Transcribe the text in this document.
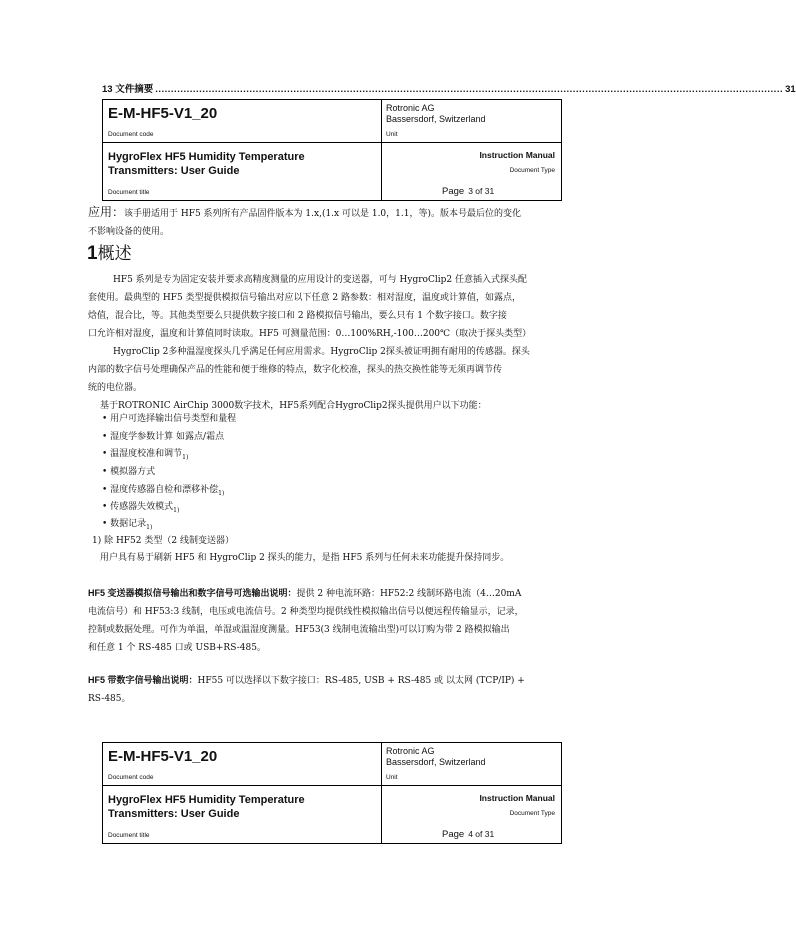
13 文件摘要 ........................................................................................................................................................................................................ 31
E-M-HF5-V1_20
Document code
Rotronic AG
Bassersdorf, Switzerland
Unit
HygroFlex HF5 Humidity Temperature
Transmitters: User Guide
Document title
Instruction Manual
Document Type
Page 3 of 31
应用：该手册适用于 HF5 系列所有产品固件版本为 1.x,(1.x 可以是 1.0，1.1，等)。版本号最后位的变化
不影响设备的使用。
1概述
HF5 系列是专为固定安装并要求高精度测量的应用设计的变送器，可与 HygroClip2 任意插入式探头配
套使用。最典型的 HF5 类型提供模拟信号输出对应以下任意 2 路参数：相对湿度，温度或计算值，如露点，
焓值，混合比，等。其他类型要么只提供数字接口和 2 路模拟信号输出，要么只有 1 个数字接口。数字接
口允许相对湿度，温度和计算值同时读取。HF5 可测量范围：0…100%RH,-100…200℃（取决于探头类型）
HygroClip 2多种温湿度探头几乎满足任何应用需求。HygroClip 2探头被证明拥有耐用的传感器。探头
内部的数字信号处理确保产品的性能和便于维修的特点，数字化校准，探头的热交换性能等无须再调节传
统的电位器。
基于ROTRONIC AirChip 3000数字技术，HF5系列配合HygroClip2探头提供用户以下功能：
• 用户可选择输出信号类型和量程
• 湿度学参数计算 如露点/霜点
• 温湿度校准和调节$_{1)}$
• 模拟器方式
• 湿度传感器自检和漂移补偿$_{1)}$
• 传感器失效模式$_{1)}$
• 数据记录$_{1)}$
1) 除 HF52 类型（2 线制变送器）
用户具有易于刷新 HF5 和 HygroClip 2 探头的能力，是指 HF5 系列与任何未来功能提升保持同步。
HF5 变送器模拟信号输出和数字信号可选输出说明：提供 2 种电流环路：HF52:2 线制环路电流（4…20mA
电流信号）和 HF53:3 线制，电压或电流信号。2 种类型均提供线性模拟输出信号以便远程传输显示，记录，
控制或数据处理。可作为单温，单湿或温湿度测量。HF53(3 线制电流输出型)可以订购为带 2 路模拟输出
和任意 1 个 RS-485 口或 USB+RS-485。
HF5 带数字信号输出说明：HF55 可以选择以下数字接口：RS-485, USB + RS-485 或 以太网 (TCP/IP) +
RS-485。
E-M-HF5-V1_20
Document code
Rotronic AG
Bassersdorf, Switzerland
Unit
HygroFlex HF5 Humidity Temperature
Transmitters: User Guide
Document title
Instruction Manual
Document Type
Page 4 of 31
